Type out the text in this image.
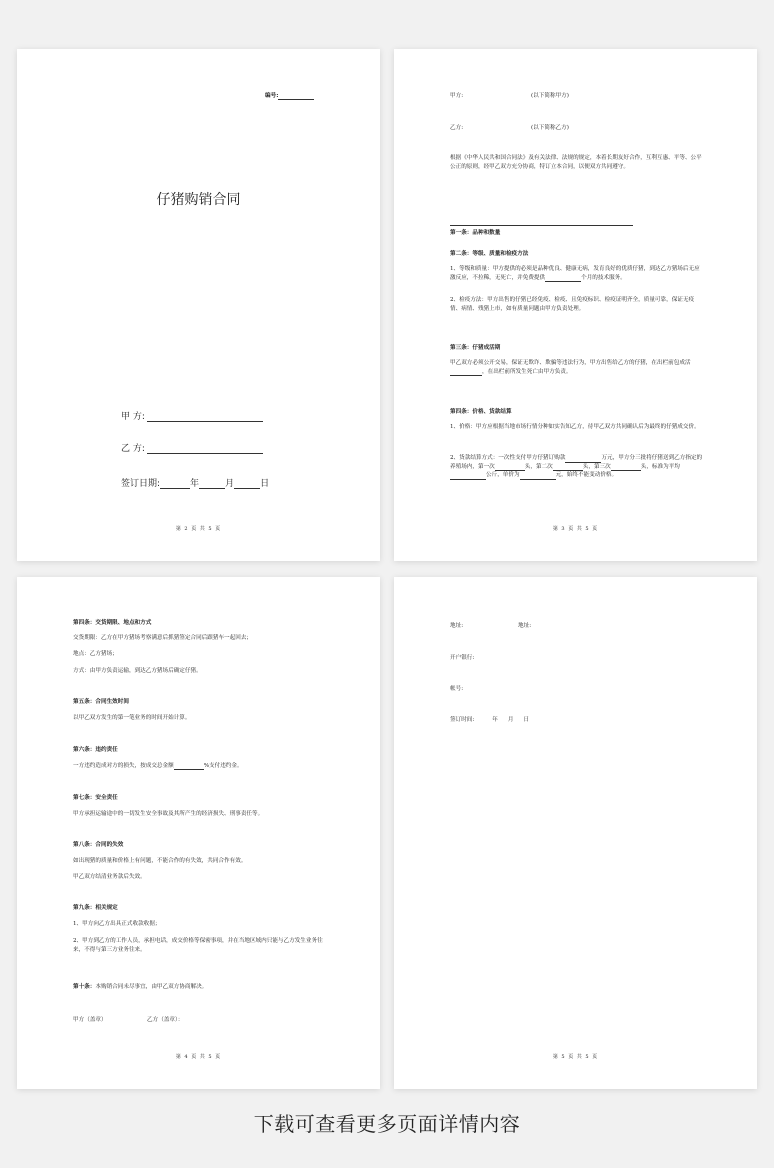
编号:
仔猪购销合同
甲 方:
乙 方:
签订日期:	年	月	日
第 2 页 共 5 页
甲方:	(以下简称甲方)
乙方:	(以下简称乙方)
根据《中华人民共和国合同法》及有关法律、法规的规定，本着长期友好合作，互利互惠、平等、公平公正的原则，经甲乙双方充分协商，特订立本合同，以便双方共同遵守。
第一条：品种和数量
第二条：等级、质量和检疫方法
1、等级和质量：甲方提供的必须是品种优良、健康无病，发育良好的优质仔猪，到达乙方猪场后无应激反应，不拉稀，无死亡，并免费提供	个月的技术服务。
2、检疫方法：甲方出售的仔猪已经免疫、检疫、且免疫标识、检疫证明齐全，质量可靠，保证无疫情、病情、残猪上市，如有质量问题由甲方负责处理。
第三条：仔猪成活期
甲乙双方必须公开交易，保证无欺诈、欺骗等违法行为，甲方出售给乙方的仔猪，在出栏前包成活，在出栏前所发生死亡由甲方负责。
第四条：价格、货款结算
1、价格：甲方应根据当地市场行情分种如实告知乙方，待甲乙双方共同确认后为最终的仔猪成交价。
2、货款结算方式：一次性支付甲方仔猪订购款	万元，甲方分三批将仔猪送到乙方指定的养殖场内，第一次	头，第二次	头，第三次	头，标准为平均公斤，单价为	元，始终不能变动价格。
第 3 页 共 5 页
第四条：交货期限、地点和方式
交货期限：乙方在甲方猪场考察满意后抓猪签定合同后跟猪车一起回去；
地点：乙方猪场；
方式：由甲方负责运输，到达乙方猪场后确定仔猪。
第五条：合同生效时间
以甲乙双方发生的第一笔业务的时间开始计算。
第六条：违约责任
一方违约造成对方的损失，按成交总金额	%支付违约金。
第七条：安全责任
甲方承担运输途中的一切发生安全事故及其所产生的经济损失、刑事责任等。
第八条：合同的失效
如出现猪的质量和价格上有问题，不能合作的有失效，共同合作有效。
甲乙双方结清业务款后失效。
第九条：相关规定
1、甲方向乙方出具正式收款收据；
2、甲方到乙方的工作人员，承担电话，成交价格等保密事项，并在当地区域内只能与乙方发生业务往来，不得与第三方业务往来。
第十条：本购销合同未尽事宜，由甲乙双方协商解决。
甲方（盖章）	乙方（盖章）：
第 4 页 共 5 页
地址:	地址:
开户银行:
帐号:
签订时间:	年 月 日
第 5 页 共 5 页
下载可查看更多页面详情内容
